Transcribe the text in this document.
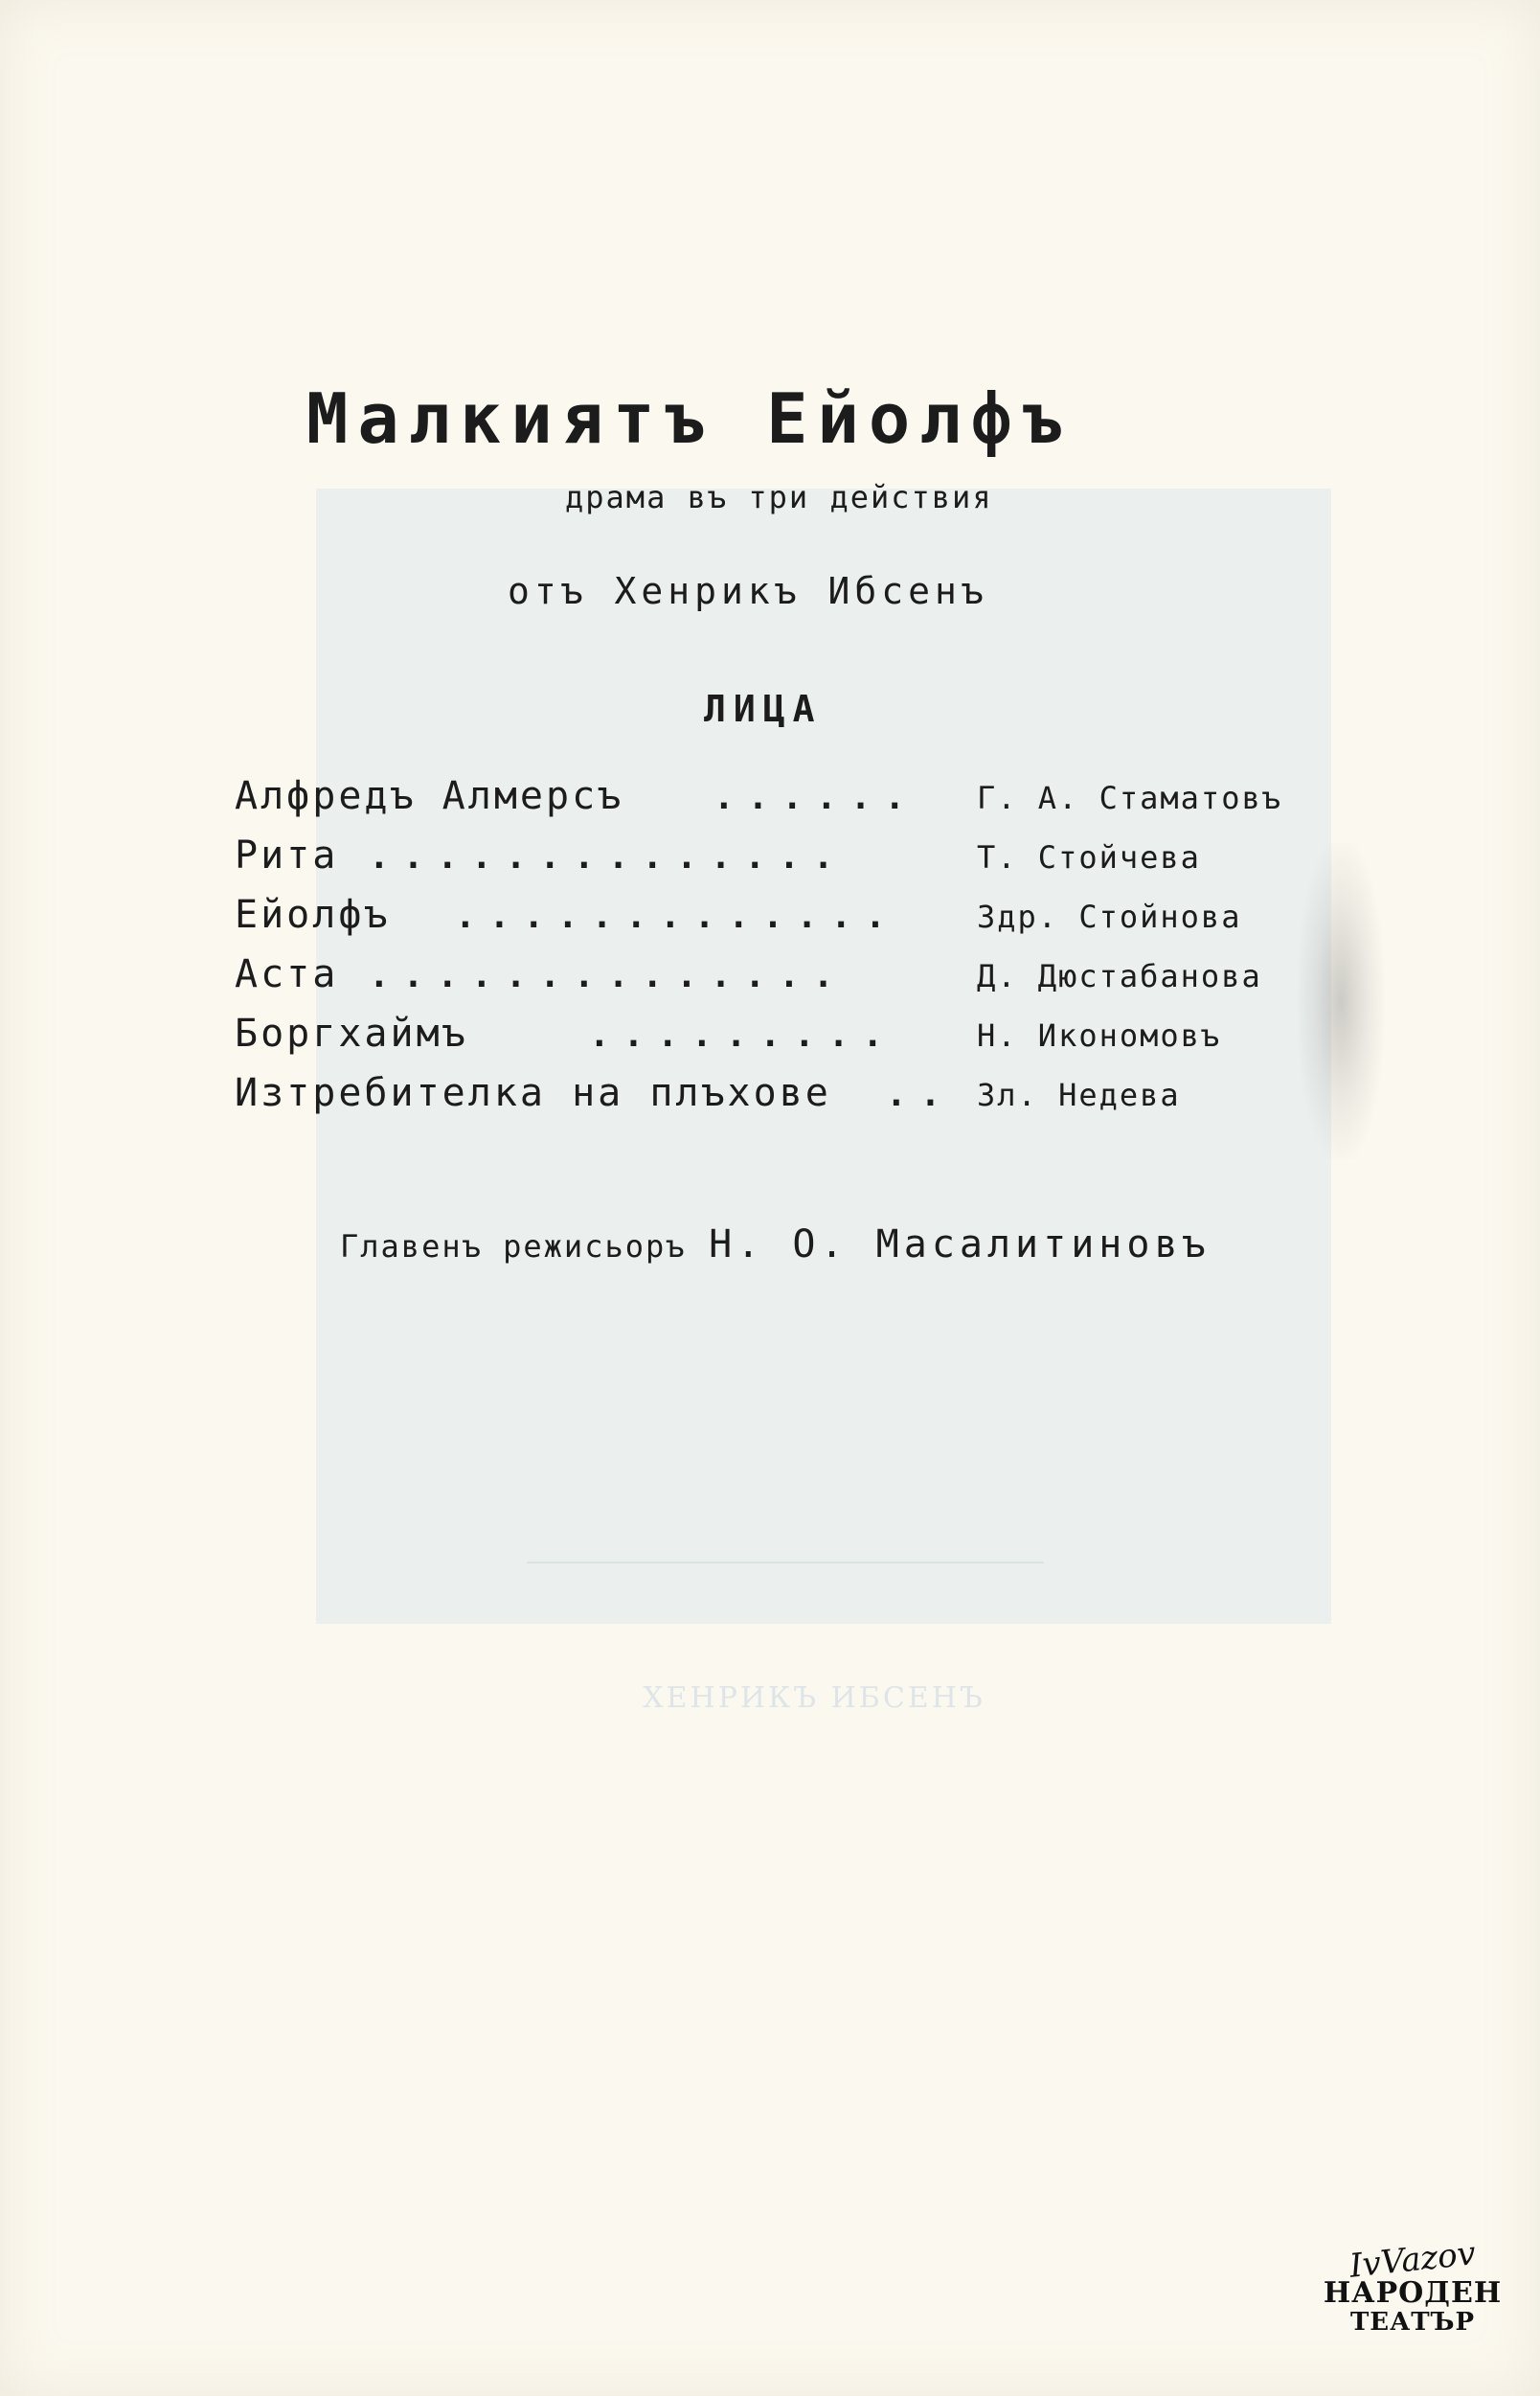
ХЕНРИКЪ ИБСЕНЪ
Малкиятъ Ейолфъ
драма въ три действия
отъ Хенрикъ Ибсенъ
ЛИЦА
Алфредъ Алмерсъ	...... Г. А. Стаматовъ
Рита ..............	Т. Стойчева
Ейолфъ .............	Здр. Стойнова
Аста ..............	Д. Дюстабанова
Боргхаймъ	.........	Н. Икономовъ
Изтребителка на плъхове .. Зл. Недева
Главенъ режисьоръ Н. О. Масалитиновъ
IvVazov
НАРОДЕН
ТЕАТЪР
